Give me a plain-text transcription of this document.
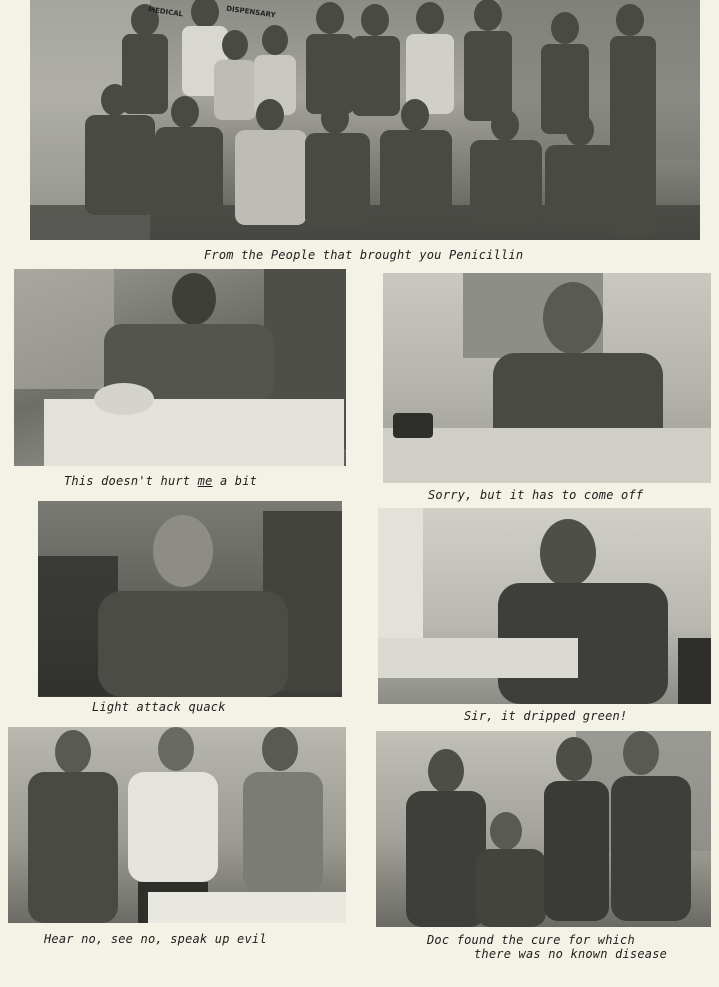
MEDICAL	DISPENSARY
From the People that brought you Penicillin
This doesn't hurt me a bit
Sorry, but it has to come off
Light attack quack
Sir, it dripped green!
Hear no, see no, speak up evil	Doc found the cure for which
there was no known disease
